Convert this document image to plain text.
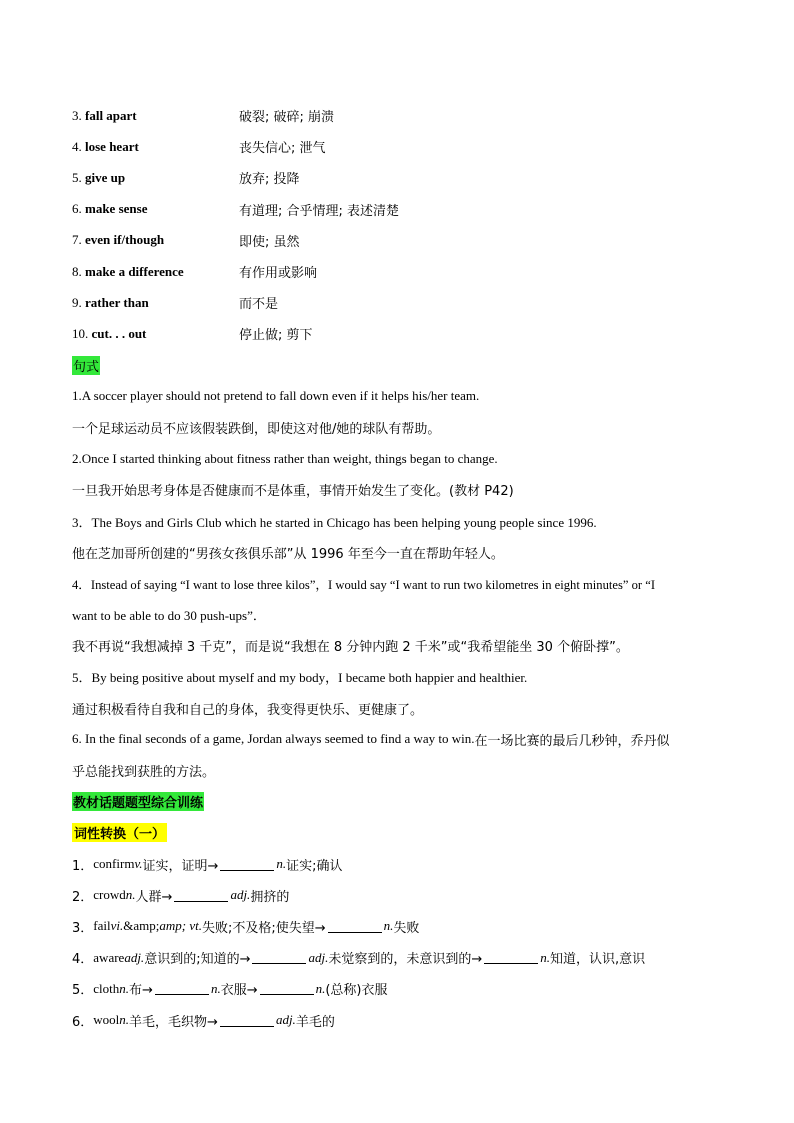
3. fall apart	破裂; 破碎; 崩溃
4. lose heart	丧失信心; 泄气
5. give up	放弃; 投降
6. make sense	有道理; 合乎情理; 表述清楚
7. even if/though	即使; 虽然
8. make a difference	有作用或影响
9. rather than	而不是
10. cut. . . out	停止做; 剪下
句式
1.A soccer player should not pretend to fall down even if it helps his/her team.
一个足球运动员不应该假装跌倒，即使这对他/她的球队有帮助。
2.Once I started thinking about fitness rather than weight, things began to change.
一旦我开始思考身体是否健康而不是体重，事情开始发生了变化。(教材 P42)
3．The Boys and Girls Club which he started in Chicago has been helping young people since 1996.
他在芝加哥所创建的“男孩女孩俱乐部”从 1996 年至今一直在帮助年轻人。
4．Instead of saying “I want to lose three kilos”，I would say “I want to run two kilometres in eight minutes” or “I
want to be able to do 30 push-ups”．
我不再说“我想减掉 3 千克”，而是说“我想在 8 分钟内跑 2 千米”或“我希望能坐 30 个俯卧撑”。
5．By being positive about myself and my body，I became both happier and healthier.
通过积极看待自我和自己的身体，我变得更快乐、更健康了。
6. In the final seconds of a game, Jordan always seemed to find a way to win. 在一场比赛的最后几秒钟，乔丹似
乎总能找到获胜的方法。
教材话题题型综合训练
词性转换（一）
1． confirm v. 证实，证明→	n. 证实;确认
2． crowd n. 人群→	adj. 拥挤的
3． fail vi. &amp; amp; vt. 失败;不及格;使失望→	n. 失败
4． aware adj. 意识到的;知道的→	adj. 未觉察到的，未意识到的→	n. 知道，认识,意识
5． cloth n. 布→	n. 衣服→	n. (总称)衣服
6． wool n. 羊毛，毛织物→	adj. 羊毛的
